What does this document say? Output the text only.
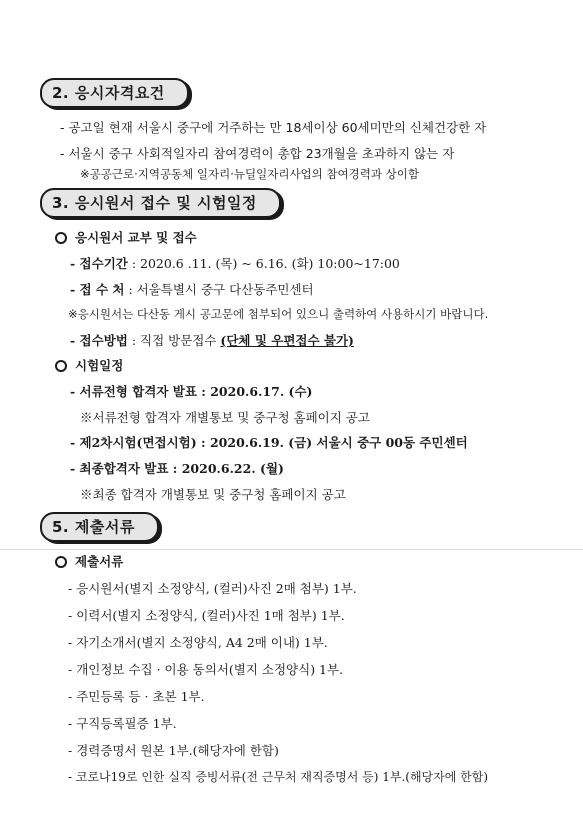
2. 응시자격요건
- 공고일 현재 서울시 중구에 거주하는 만 18세이상 60세미만의 신체건강한 자
- 서울시 중구 사회적일자리 참여경력이 총합 23개월을 초과하지 않는 자
※공공근로·지역공동체 일자리·뉴딜일자리사업의 참여경력과 상이함
3. 응시원서 접수 및 시험일정
응시원서 교부 및 접수
- 접수기간 : 2020.6 .11. (목) ~ 6.16. (화) 10:00~17:00
- 접 수 처 : 서울특별시 중구 다산동주민센터
※응시원서는 다산동 게시 공고문에 첨부되어 있으니 출력하여 사용하시기 바랍니다.
- 접수방법 : 직접 방문접수 (단체 및 우편접수 불가)
시험일정
- 서류전형 합격자 발표 : 2020.6.17. (수)
※서류전형 합격자 개별통보 및 중구청 홈페이지 공고
- 제2차시험(면접시험) : 2020.6.19. (금) 서울시 중구 00동 주민센터
- 최종합격자 발표 : 2020.6.22. (월)
※최종 합격자 개별통보 및 중구청 홈페이지 공고
5. 제출서류
제출서류
- 응시원서(별지 소정양식, (컬러)사진 2매 첨부) 1부.
- 이력서(별지 소정양식, (컬러)사진 1매 첨부) 1부.
- 자기소개서(별지 소정양식, A4 2매 이내) 1부.
- 개인정보 수집 · 이용 동의서(별지 소정양식) 1부.
- 주민등록 등 · 초본 1부.
- 구직등록필증 1부.
- 경력증명서 원본 1부.(해당자에 한함)
- 코로나19로 인한 실직 증빙서류(전 근무처 재직증명서 등) 1부.(해당자에 한함)
